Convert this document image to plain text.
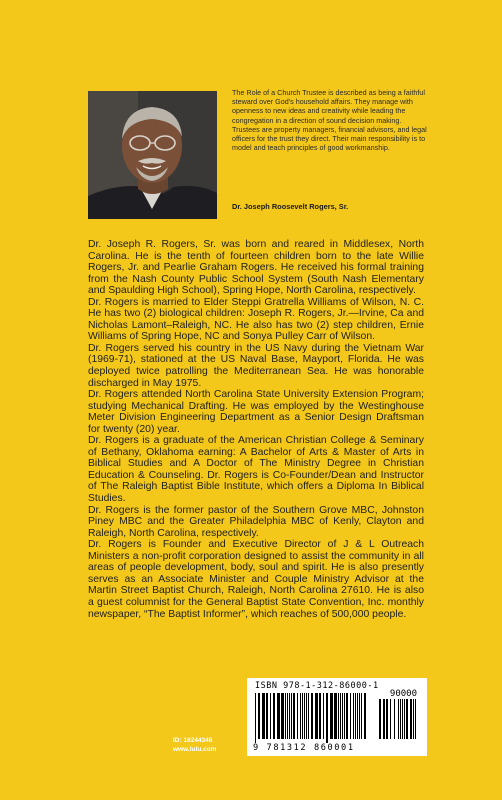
The Role of a Church Trustee is described as being a faithful steward over God's household affairs. They manage with openness to new ideas and creativity while leading the congregation in a direction of sound decision making.

Trustees are property managers, financial advisors, and legal officers for the trust they direct. Their main responsibility is to model and teach principles of good workmanship.

Dr. Joseph Roosevelt Rogers, Sr.

Dr. Joseph R. Rogers, Sr. was born and reared in Middlesex, North Carolina. He is the tenth of fourteen children born to the late Willie Rogers, Jr. and Pearlie Graham Rogers. He received his formal training from the Nash County Public School System (South Nash Elementary and Spaulding High School), Spring Hope, North Carolina, respectively.

Dr. Rogers is married to Elder Steppi Gratrella Williams of Wilson, N. C. He has two (2) biological children: Joseph R. Rogers, Jr.—Irvine, Ca and Nicholas Lamont–Raleigh, NC. He also has two (2) step children, Ernie Williams of Spring Hope, NC and Sonya Pulley Carr of Wilson.

Dr. Rogers served his country in the US Navy during the Vietnam War (1969-71), stationed at the US Naval Base, Mayport, Florida. He was deployed twice patrolling the Mediterranean Sea. He was honorable discharged in May 1975.

Dr. Rogers attended North Carolina State University Extension Program; studying Mechanical Drafting. He was employed by the Westinghouse Meter Division Engineering Department as a Senior Design Draftsman for twenty (20) year.

Dr. Rogers is a graduate of the American Christian College & Seminary of Bethany, Oklahoma earning: A Bachelor of Arts & Master of Arts in Biblical Studies and A Doctor of The Ministry Degree in Christian Education & Counseling. Dr. Rogers is Co-Founder/Dean and Instructor of The Raleigh Baptist Bible Institute, which offers a Diploma In Biblical Studies.

Dr. Rogers is the former pastor of the Southern Grove MBC, Johnston Piney MBC and the Greater Philadelphia MBC of Kenly, Clayton and Raleigh, North Carolina, respectively.

Dr. Rogers is Founder and Executive Director of J & L Outreach Ministers a non-profit corporation designed to assist the community in all areas of people development, body, soul and spirit. He is also presently serves as an Associate Minister and Couple Ministry Advisor at the Martin Street Baptist Church, Raleigh, North Carolina 27610. He is also a guest columnist for the General Baptist State Convention, Inc. monthly newspaper, “The Baptist Informer”, which reaches of 500,000 people.

ID: 16244348
www.lulu.com
ISBN 978-1-312-86000-1
90000
9 781312 860001
